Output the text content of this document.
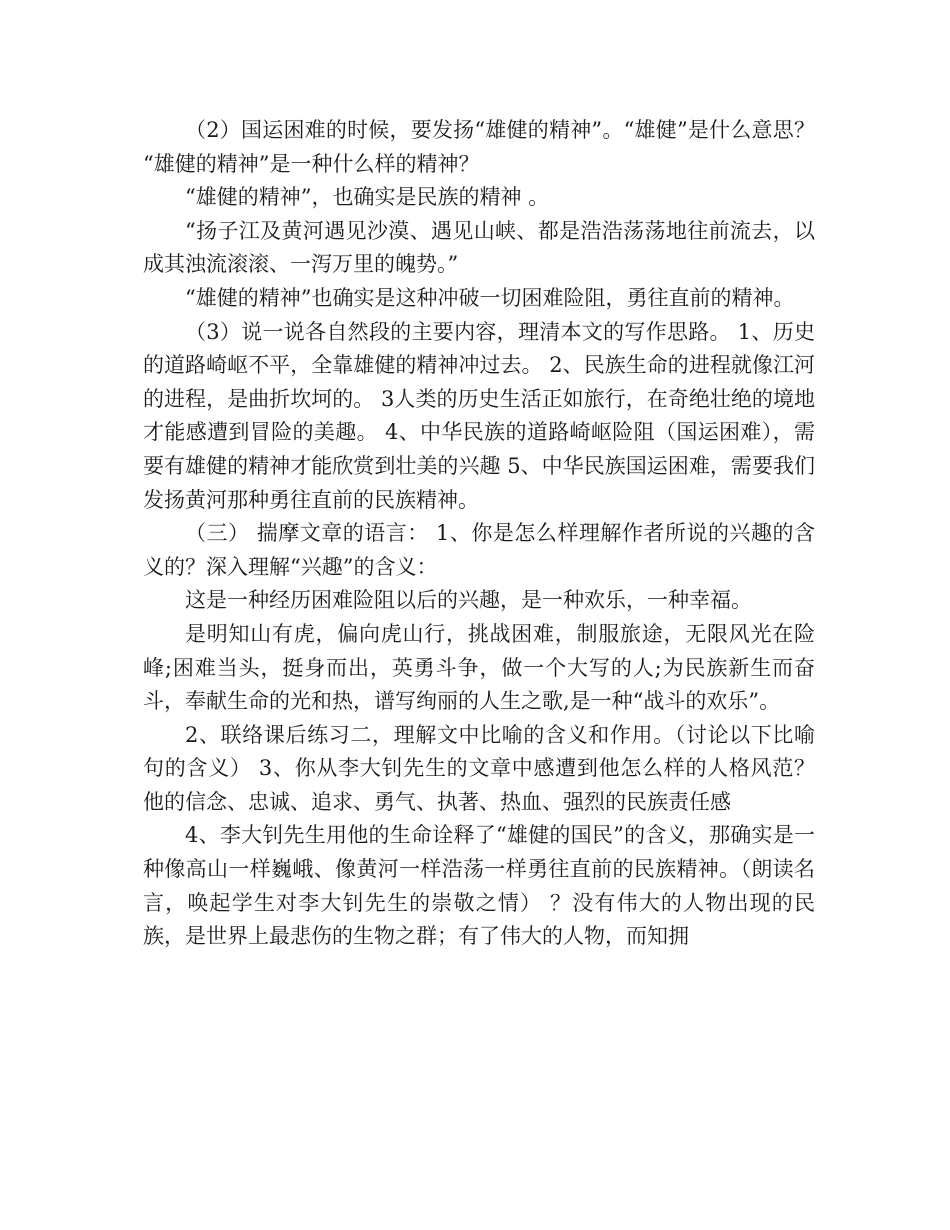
（2）国运困难的时候，要发扬“雄健的精神”。“雄健”是什么意思？ “雄健的精神”是一种什么样的精神？

“雄健的精神”，也确实是民族的精神 。

“扬子江及黄河遇见沙漠、遇见山峡、都是浩浩荡荡地往前流去，以成其浊流滚滚、一泻万里的魄势。”

“雄健的精神”也确实是这种冲破一切困难险阻，勇往直前的精神。

（3）说一说各自然段的主要内容，理清本文的写作思路。 1、历史的道路崎岖不平，全靠雄健的精神冲过去。 2、民族生命的进程就像江河的进程，是曲折坎坷的。 3人类的历史生活正如旅行，在奇绝壮绝的境地才能感遭到冒险的美趣。 4、中华民族的道路崎岖险阻（国运困难），需要有雄健的精神才能欣赏到壮美的兴趣 5、中华民族国运困难，需要我们发扬黄河那种勇往直前的民族精神。

（三） 揣摩文章的语言： 1、你是怎么样理解作者所说的兴趣的含义的？深入理解“兴趣”的含义：

这是一种经历困难险阻以后的兴趣，是一种欢乐，一种幸福。

是明知山有虎，偏向虎山行，挑战困难，制服旅途，无限风光在险峰;困难当头，挺身而出，英勇斗争，做一个大写的人;为民族新生而奋斗，奉献生命的光和热，谱写绚丽的人生之歌,是一种“战斗的欢乐”。

2、联络课后练习二，理解文中比喻的含义和作用。（讨论以下比喻句的含义） 3、你从李大钊先生的文章中感遭到他怎么样的人格风范？ 他的信念、忠诚、追求、勇气、执著、热血、强烈的民族责任感

4、李大钊先生用他的生命诠释了“雄健的国民”的含义，那确实是一种像高山一样巍峨、像黄河一样浩荡一样勇往直前的民族精神。（朗读名言，唤起学生对李大钊先生的崇敬之情） ？没有伟大的人物出现的民族，是世界上最悲伤的生物之群；有了伟大的人物，而知拥
